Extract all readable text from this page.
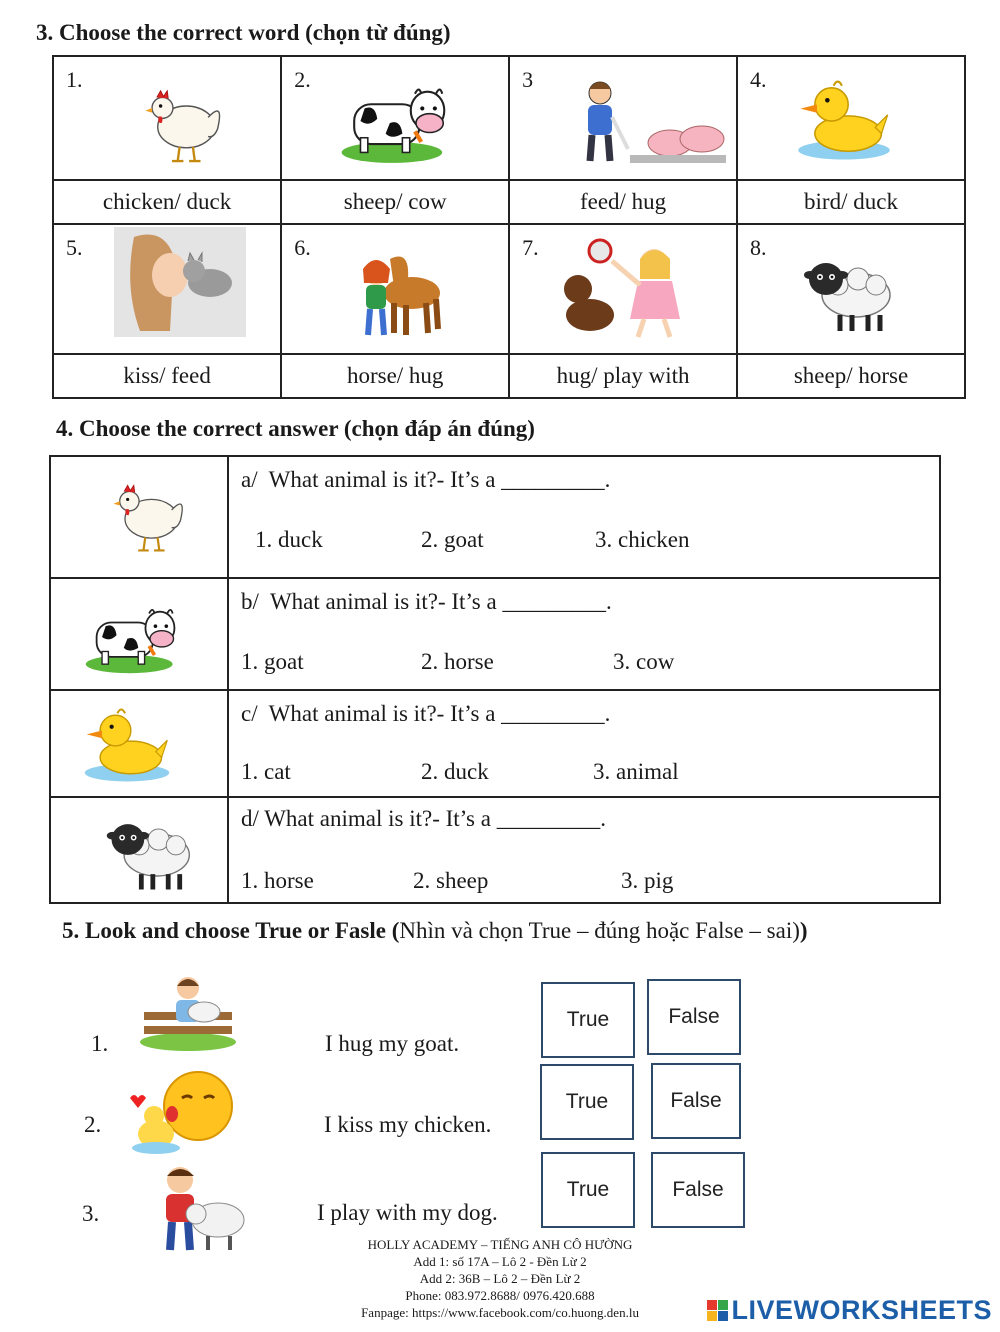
3. Choose the correct word (chọn từ đúng)
1.	2.	3	4.

chicken/ duck	sheep/ cow	feed/ hug	bird/ duck

5.	6.	7.	8.

kiss/ feed	horse/ hug	hug/ play with	sheep/ horse
4. Choose the correct answer (chọn đáp án đúng)

a/  What animal is it?- It’s a _________.
1. duck 2. goat 3. chicken

b/  What animal is it?- It’s a _________.
1. goat 2. horse 3. cow

c/  What animal is it?- It’s a _________.
1. cat 2. duck 3. animal

d/ What animal is it?- It’s a _________.
1. horse 2. sheep 3. pig
5. Look and choose True or Fasle (Nhìn và chọn True – đúng hoặc False – sai))
1.	I hug my goat.
True	False
2.	I kiss my chicken.
True	False
3.	I play with my dog.
True	False
HOLLY ACADEMY – TIẾNG ANH CÔ HƯỜNG
Add 1: số 17A – Lô 2 - Đền Lừ 2
Add 2: 36B – Lô 2 – Đền Lừ 2
Phone: 083.972.8688/ 0976.420.688
Fanpage: https://www.facebook.com/co.huong.den.lu	LIVEWORKSHEETS
